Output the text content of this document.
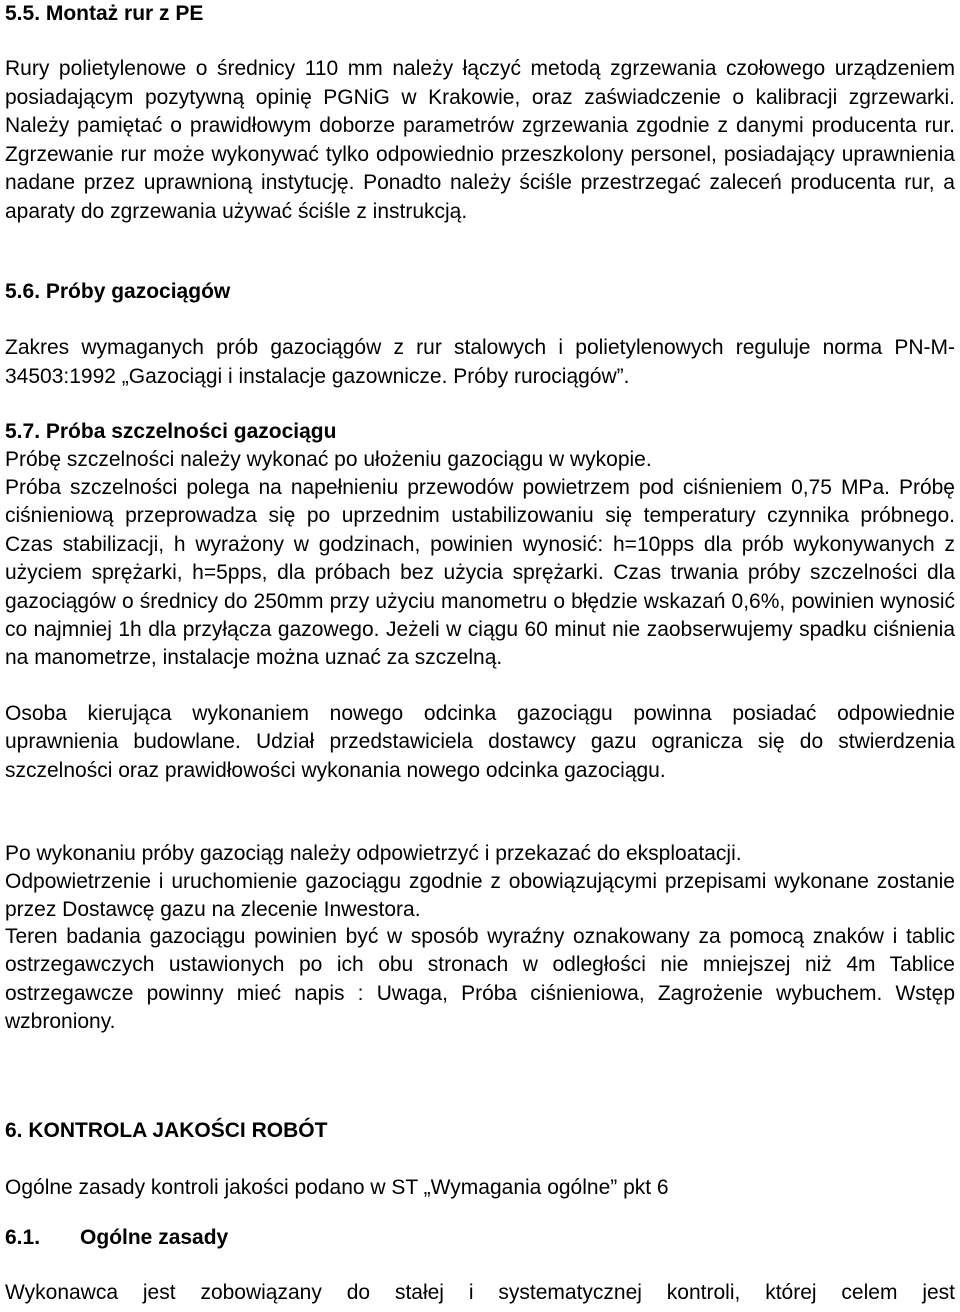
5.5. Montaż rur z PE

Rury polietylenowe o średnicy 110 mm należy łączyć metodą zgrzewania czołowego urządzeniem posiadającym pozytywną opinię PGNiG w Krakowie, oraz zaświadczenie o kalibracji zgrzewarki. Należy pamiętać o prawidłowym doborze parametrów zgrzewania zgodnie z danymi producenta rur. Zgrzewanie rur może wykonywać tylko odpowiednio przeszkolony personel, posiadający uprawnienia nadane przez uprawnioną instytucję. Ponadto należy ściśle przestrzegać zaleceń producenta rur, a aparaty do zgrzewania używać ściśle z instrukcją.

5.6. Próby gazociągów

Zakres wymaganych prób gazociągów z rur stalowych i polietylenowych reguluje norma PN-M-34503:1992 „Gazociągi i instalacje gazownicze. Próby rurociągów”.

5.7. Próba szczelności gazociągu

Próbę szczelności należy wykonać po ułożeniu gazociągu w wykopie.

Próba szczelności polega na napełnieniu przewodów powietrzem pod ciśnieniem 0,75 MPa. Próbę ciśnieniową przeprowadza się po uprzednim ustabilizowaniu się temperatury czynnika próbnego. Czas stabilizacji, h wyrażony w godzinach, powinien wynosić: h=10pps dla prób wykonywanych z użyciem sprężarki, h=5pps, dla próbach bez użycia sprężarki. Czas trwania próby szczelności dla gazociągów o średnicy do 250mm przy użyciu manometru o błędzie wskazań 0,6%, powinien wynosić co najmniej 1h dla przyłącza gazowego. Jeżeli w ciągu 60 minut nie zaobserwujemy spadku ciśnienia na manometrze, instalacje można uznać za szczelną.

Osoba kierująca wykonaniem nowego odcinka gazociągu powinna posiadać odpowiednie uprawnienia budowlane. Udział przedstawiciela dostawcy gazu ogranicza się do stwierdzenia szczelności oraz prawidłowości wykonania nowego odcinka gazociągu.

Po wykonaniu próby gazociąg należy odpowietrzyć i przekazać do eksploatacji.

Odpowietrzenie i uruchomienie gazociągu zgodnie z obowiązującymi przepisami wykonane zostanie przez Dostawcę gazu na zlecenie Inwestora.

Teren badania gazociągu powinien być w sposób wyraźny oznakowany za pomocą znaków i tablic ostrzegawczych ustawionych po ich obu stronach w odległości nie mniejszej niż 4m Tablice ostrzegawcze powinny mieć napis : Uwaga, Próba ciśnieniowa, Zagrożenie wybuchem. Wstęp wzbroniony.

6. KONTROLA JAKOŚCI ROBÓT

Ogólne zasady kontroli jakości podano w ST „Wymagania ogólne” pkt 6

6.1. Ogólne zasady

Wykonawca jest zobowiązany do stałej i systematycznej kontroli, której celem jest
